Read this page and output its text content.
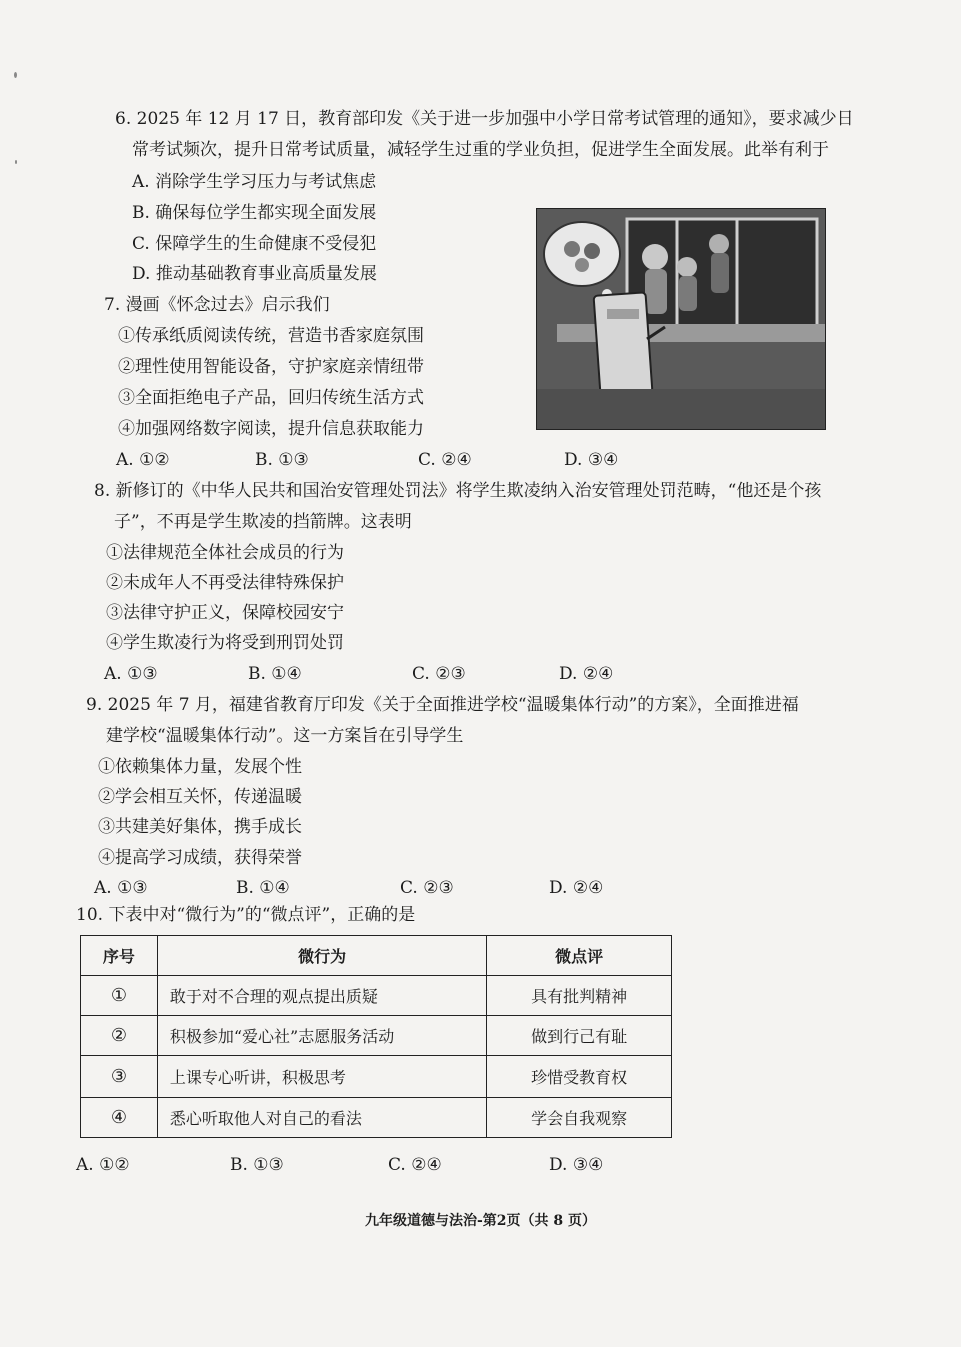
6. 2025 年 12 月 17 日，教育部印发《关于进一步加强中小学日常考试管理的通知》，要求减少日
常考试频次，提升日常考试质量，减轻学生过重的学业负担，促进学生全面发展。此举有利于
A. 消除学生学习压力与考试焦虑
B. 确保每位学生都实现全面发展
C. 保障学生的生命健康不受侵犯
D. 推动基础教育事业高质量发展
7. 漫画《怀念过去》启示我们
①传承纸质阅读传统，营造书香家庭氛围
②理性使用智能设备，守护家庭亲情纽带
③全面拒绝电子产品，回归传统生活方式
④加强网络数字阅读，提升信息获取能力
A. ①②	B. ①③	C. ②④	D. ③④
8. 新修订的《中华人民共和国治安管理处罚法》将学生欺凌纳入治安管理处罚范畴，“他还是个孩
子”，不再是学生欺凌的挡箭牌。这表明
①法律规范全体社会成员的行为
②未成年人不再受法律特殊保护
③法律守护正义，保障校园安宁
④学生欺凌行为将受到刑罚处罚
A. ①③	B. ①④	C. ②③	D. ②④
9. 2025 年 7 月，福建省教育厅印发《关于全面推进学校“温暖集体行动”的方案》，全面推进福
建学校“温暖集体行动”。这一方案旨在引导学生
①依赖集体力量，发展个性
②学会相互关怀，传递温暖
③共建美好集体，携手成长
④提高学习成绩，获得荣誉
A. ①③	B. ①④	C. ②③	D. ②④
10. 下表中对“微行为”的“微点评”，正确的是
序号	微行为	微点评
①	敢于对不合理的观点提出质疑	具有批判精神
②	积极参加“爱心社”志愿服务活动	做到行己有耻
③	上课专心听讲，积极思考	珍惜受教育权
④	悉心听取他人对自己的看法	学会自我观察
A. ①②	B. ①③	C. ②④	D. ③④
九年级道德与法治-第2页（共 8 页）
